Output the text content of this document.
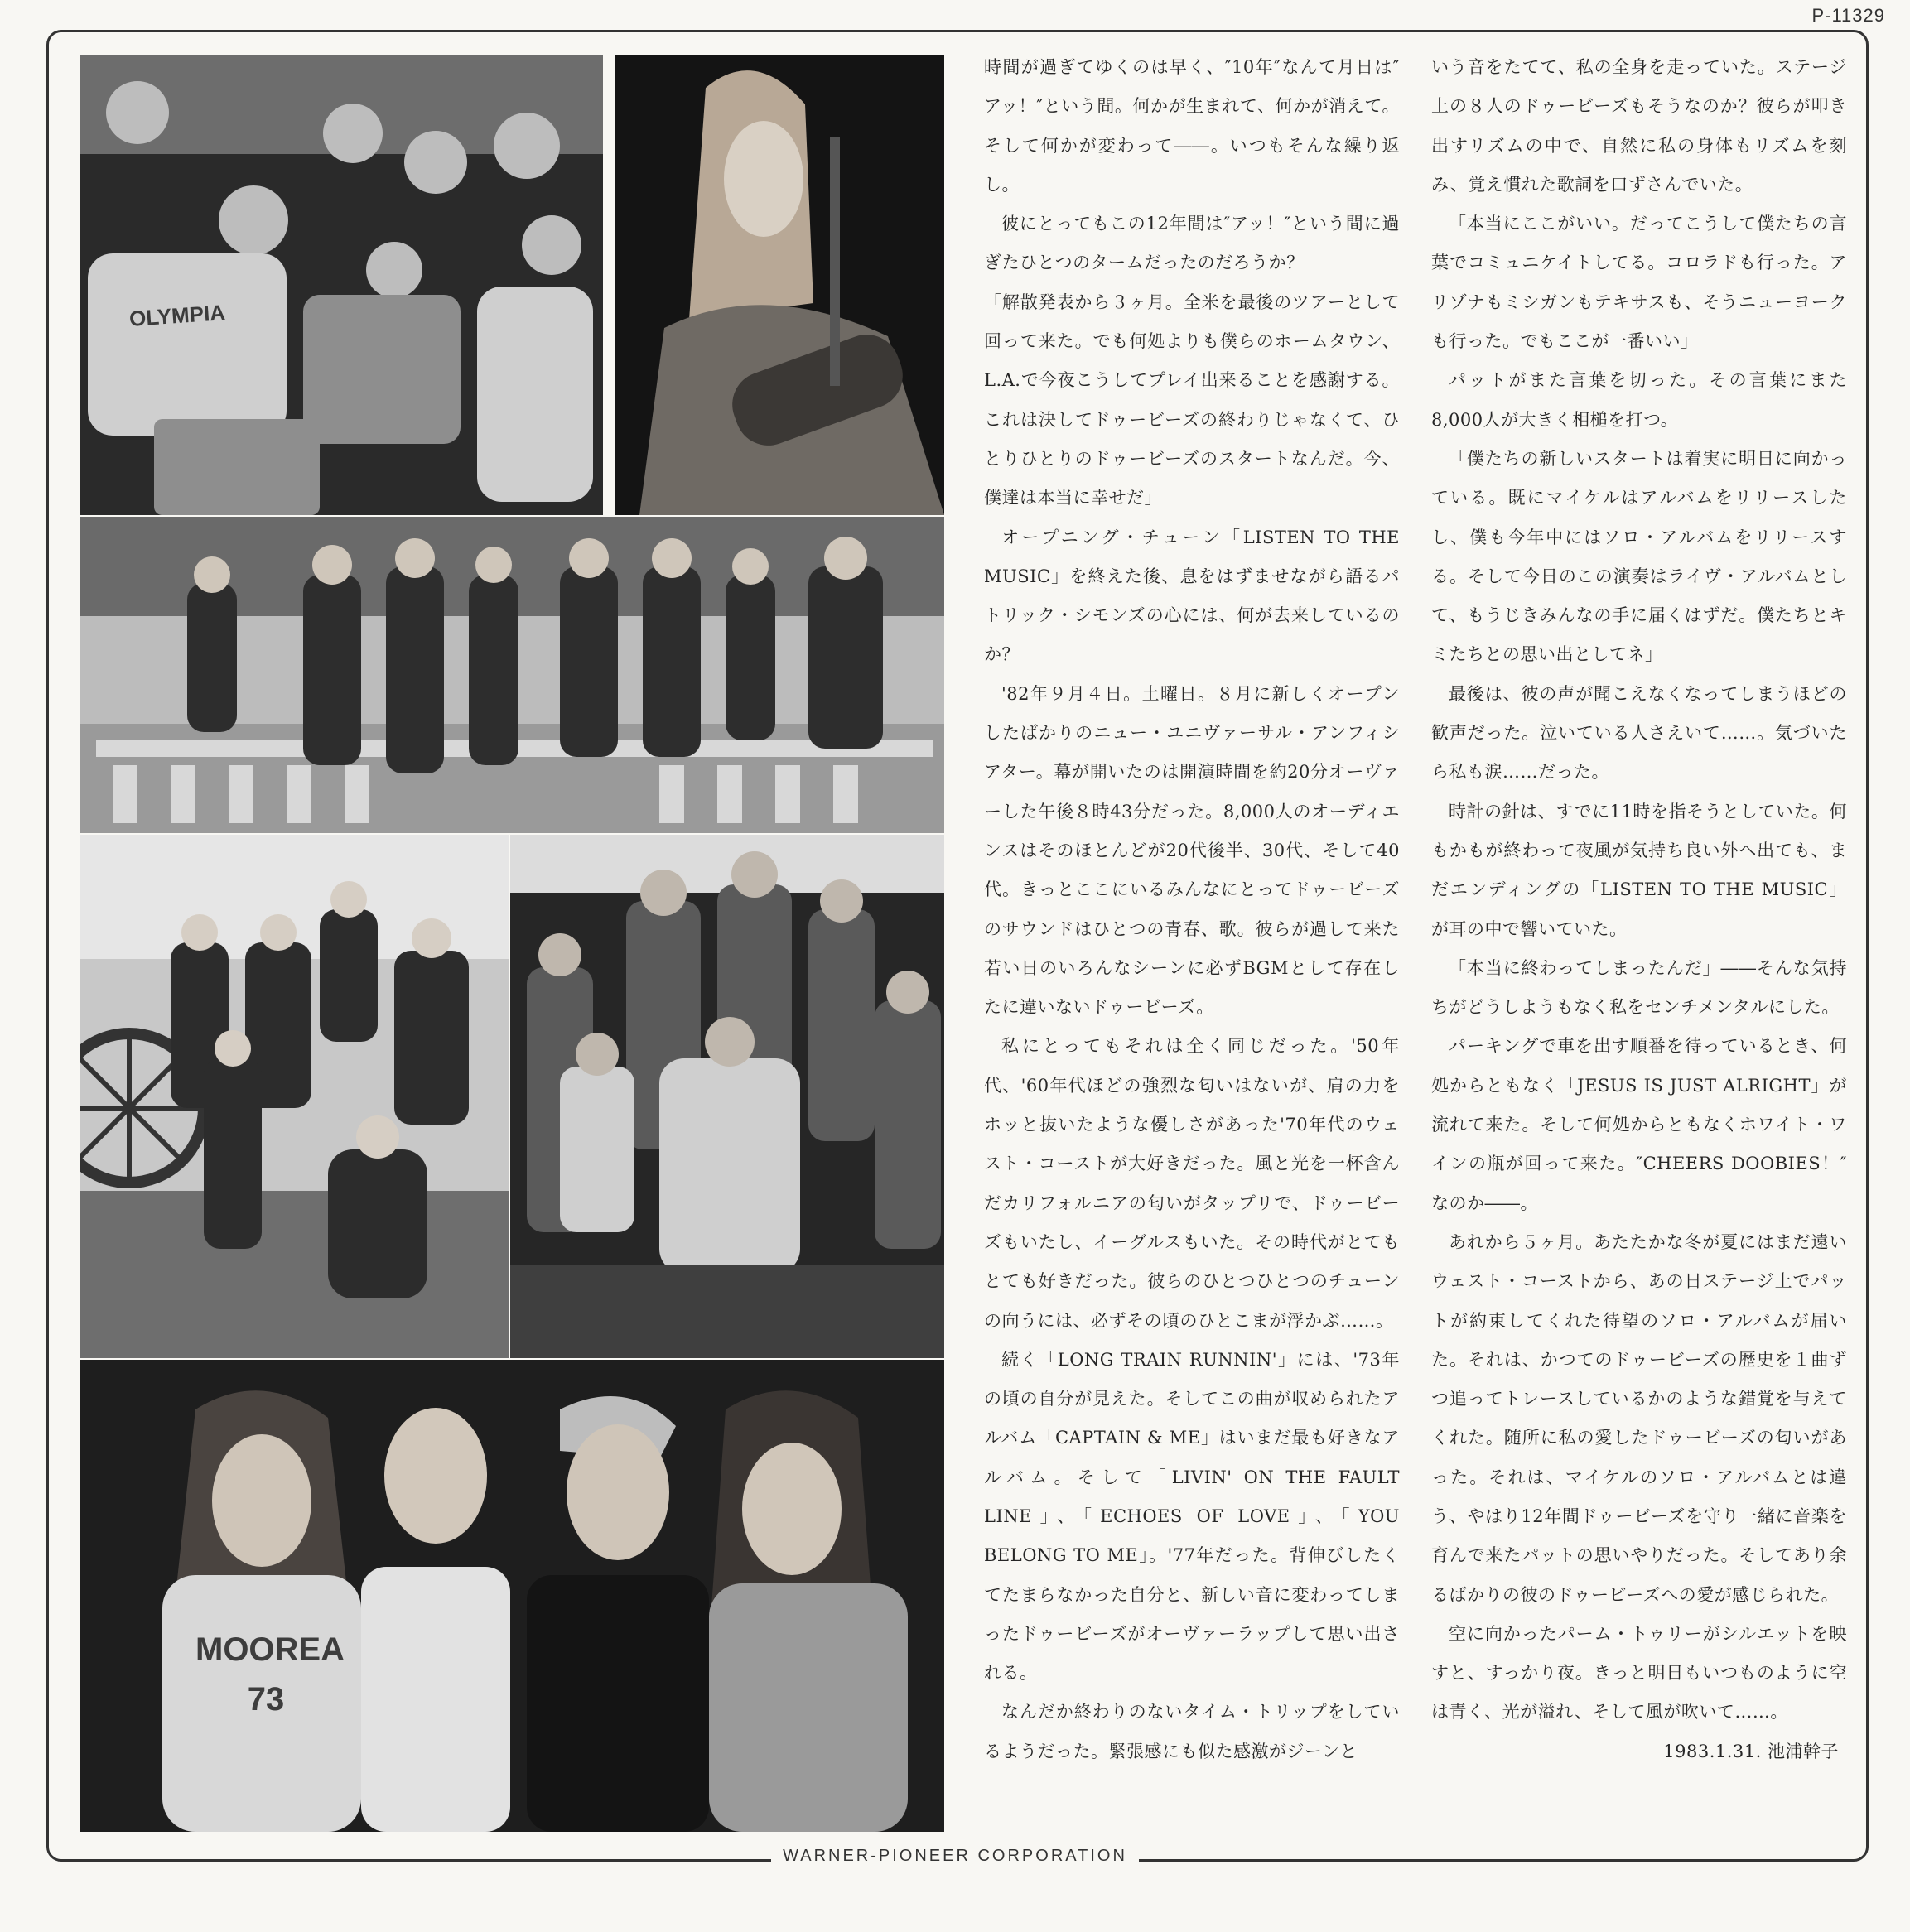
P-11329
OLYMPIA
MOOREA 73

時間が過ぎてゆくのは早く、″10年″なんて月日は″アッ！″という間。何かが生まれて、何かが消えて。そして何かが変わって――。いつもそんな繰り返し。

彼にとってもこの12年間は″アッ！″という間に過ぎたひとつのタームだったのだろうか？

「解散発表から３ヶ月。全米を最後のツアーとして回って来た。でも何処よりも僕らのホームタウン、L.A.で今夜こうしてプレイ出来ることを感謝する。これは決してドゥービーズの終わりじゃなくて、ひとりひとりのドゥービーズのスタートなんだ。今、僕達は本当に幸せだ」

オープニング・チューン「LISTEN TO THE MUSIC」を終えた後、息をはずませながら語るパトリック・シモンズの心には、何が去来しているのか？

'82年９月４日。土曜日。８月に新しくオープンしたばかりのニュー・ユニヴァーサル・アンフィシアター。幕が開いたのは開演時間を約20分オーヴァーした午後８時43分だった。8,000人のオーディエンスはそのほとんどが20代後半、30代、そして40代。きっとここにいるみんなにとってドゥービーズのサウンドはひとつの青春、歌。彼らが過して来た若い日のいろんなシーンに必ずBGMとして存在したに違いないドゥービーズ。

私にとってもそれは全く同じだった。'50年代、'60年代ほどの強烈な匂いはないが、肩の力をホッと抜いたような優しさがあった'70年代のウェスト・コーストが大好きだった。風と光を一杯含んだカリフォルニアの匂いがタップリで、ドゥービーズもいたし、イーグルスもいた。その時代がとてもとても好きだった。彼らのひとつひとつのチューンの向うには、必ずその頃のひとこまが浮かぶ……。

続く「LONG TRAIN RUNNIN'」には、'73年の頃の自分が見えた。そしてこの曲が収められたアルバム「CAPTAIN & ME」はいまだ最も好きなアルバム。そして「LIVIN' ON THE FAULT LINE」、「ECHOES OF LOVE」、「YOU BELONG TO ME」。'77年だった。背伸びしたくてたまらなかった自分と、新しい音に変わってしまったドゥービーズがオーヴァーラップして思い出される。

なんだか終わりのないタイム・トリップをしているようだった。緊張感にも似た感激がジーンと

いう音をたてて、私の全身を走っていた。ステージ上の８人のドゥービーズもそうなのか？彼らが叩き出すリズムの中で、自然に私の身体もリズムを刻み、覚え慣れた歌詞を口ずさんでいた。

「本当にここがいい。だってこうして僕たちの言葉でコミュニケイトしてる。コロラドも行った。アリゾナもミシガンもテキサスも、そうニューヨークも行った。でもここが一番いい」

パットがまた言葉を切った。その言葉にまた8,000人が大きく相槌を打つ。

「僕たちの新しいスタートは着実に明日に向かっている。既にマイケルはアルバムをリリースしたし、僕も今年中にはソロ・アルバムをリリースする。そして今日のこの演奏はライヴ・アルバムとして、もうじきみんなの手に届くはずだ。僕たちとキミたちとの思い出としてネ」

最後は、彼の声が聞こえなくなってしまうほどの歓声だった。泣いている人さえいて……。気づいたら私も涙……だった。

時計の針は、すでに11時を指そうとしていた。何もかもが終わって夜風が気持ち良い外へ出ても、まだエンディングの「LISTEN TO THE MUSIC」が耳の中で響いていた。

「本当に終わってしまったんだ」――そんな気持ちがどうしようもなく私をセンチメンタルにした。

パーキングで車を出す順番を待っているとき、何処からともなく「JESUS IS JUST ALRIGHT」が流れて来た。そして何処からともなくホワイト・ワインの瓶が回って来た。″CHEERS DOOBIES！″なのか――。

あれから５ヶ月。あたたかな冬が夏にはまだ遠いウェスト・コーストから、あの日ステージ上でパットが約束してくれた待望のソロ・アルバムが届いた。それは、かつてのドゥービーズの歴史を１曲ずつ追ってトレースしているかのような錯覚を与えてくれた。随所に私の愛したドゥービーズの匂いがあった。それは、マイケルのソロ・アルバムとは違う、やはり12年間ドゥービーズを守り一緒に音楽を育んで来たパットの思いやりだった。そしてあり余るばかりの彼のドゥービーズへの愛が感じられた。

空に向かったパーム・トゥリーがシルエットを映すと、すっかり夜。きっと明日もいつものように空は青く、光が溢れ、そして風が吹いて……。

1983.1.31. 池浦幹子

WARNER-PIONEER CORPORATION
